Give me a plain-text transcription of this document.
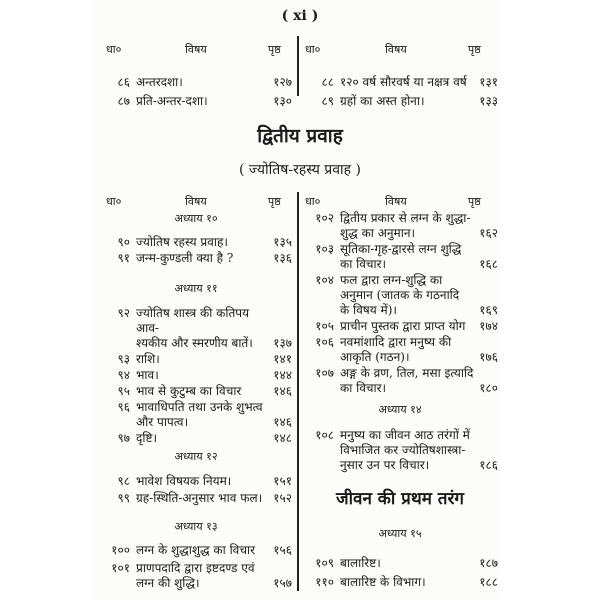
( xi )
धा०	विषय	पृष्ठ धा०	विषय	पृष्ठ
द्वितीय प्रवाह
( ज्योतिष-रहस्य प्रवाह )
धा०	विषय	पृष्ठ धा०	विषय	पृष्ठ
८६ अन्तरदशा।	१२७
८७ प्रति-अन्तर-दशा।	१३०
८८ १२० वर्ष सौरवर्ष या नक्षत्र वर्ष	१३१
८९ ग्रहों का अस्त होना।	१३३
अध्याय १०
९० ज्योतिष रहस्य प्रवाह।	१३५
९१ जन्म-कुण्डली क्या है ?	१३६
अध्याय ११
९२ ज्योतिष शास्त्र की कतिपय आव-
श्यकीय और स्मरणीय बातें।	१३७
९३ राशि।	१४१
९४ भाव।	१४४
९५ भाव से कुटुम्ब का विचार	१४६
९६ भावाधिपति तथा उनके शुभत्व
और पापत्व।	१४६
९७ दृष्टि।	१४८
अध्याय १२
९८ भावेश विषयक नियम।	१५१
९९ ग्रह-स्थिति-अनुसार भाव फल। १५२
अध्याय १३
१०० लग्न के शुद्धाशुद्ध का विचार	१५६
१०१ प्राणपदादि द्वारा इष्टदण्ड एवं
लग्न की शुद्धि।	१५७
१०२ द्वितीय प्रकार से लग्न के शुद्धा-
शुद्ध का अनुमान।	१६२
१०३ सूतिका-गृह-द्वारसे लग्न शुद्धि
का विचार।	१६८
१०४ फल द्वारा लग्न-शुद्धि का
अनुमान (जातक के गठनादि
के विषय में)।	१६९
१०५ प्राचीन पुस्तक द्वारा प्राप्त योग	१७४
१०६ नवमांशादि द्वारा मनुष्य की
आकृति (गठन)।	१७६
१०७ अङ्ग के व्रण, तिल, मसा इत्यादि
का विचार।	१८०
अध्याय १४
१०८ मनुष्य का जीवन आठ तरंगों में
विभाजित कर ज्योतिषशास्त्रा-
नुसार उन पर विचार।	१८६
जीवन की प्रथम तरंग
अध्याय १५
१०९ बालारिष्ट।	१८७
११० बालारिष्ट के विभाग।	१८८
